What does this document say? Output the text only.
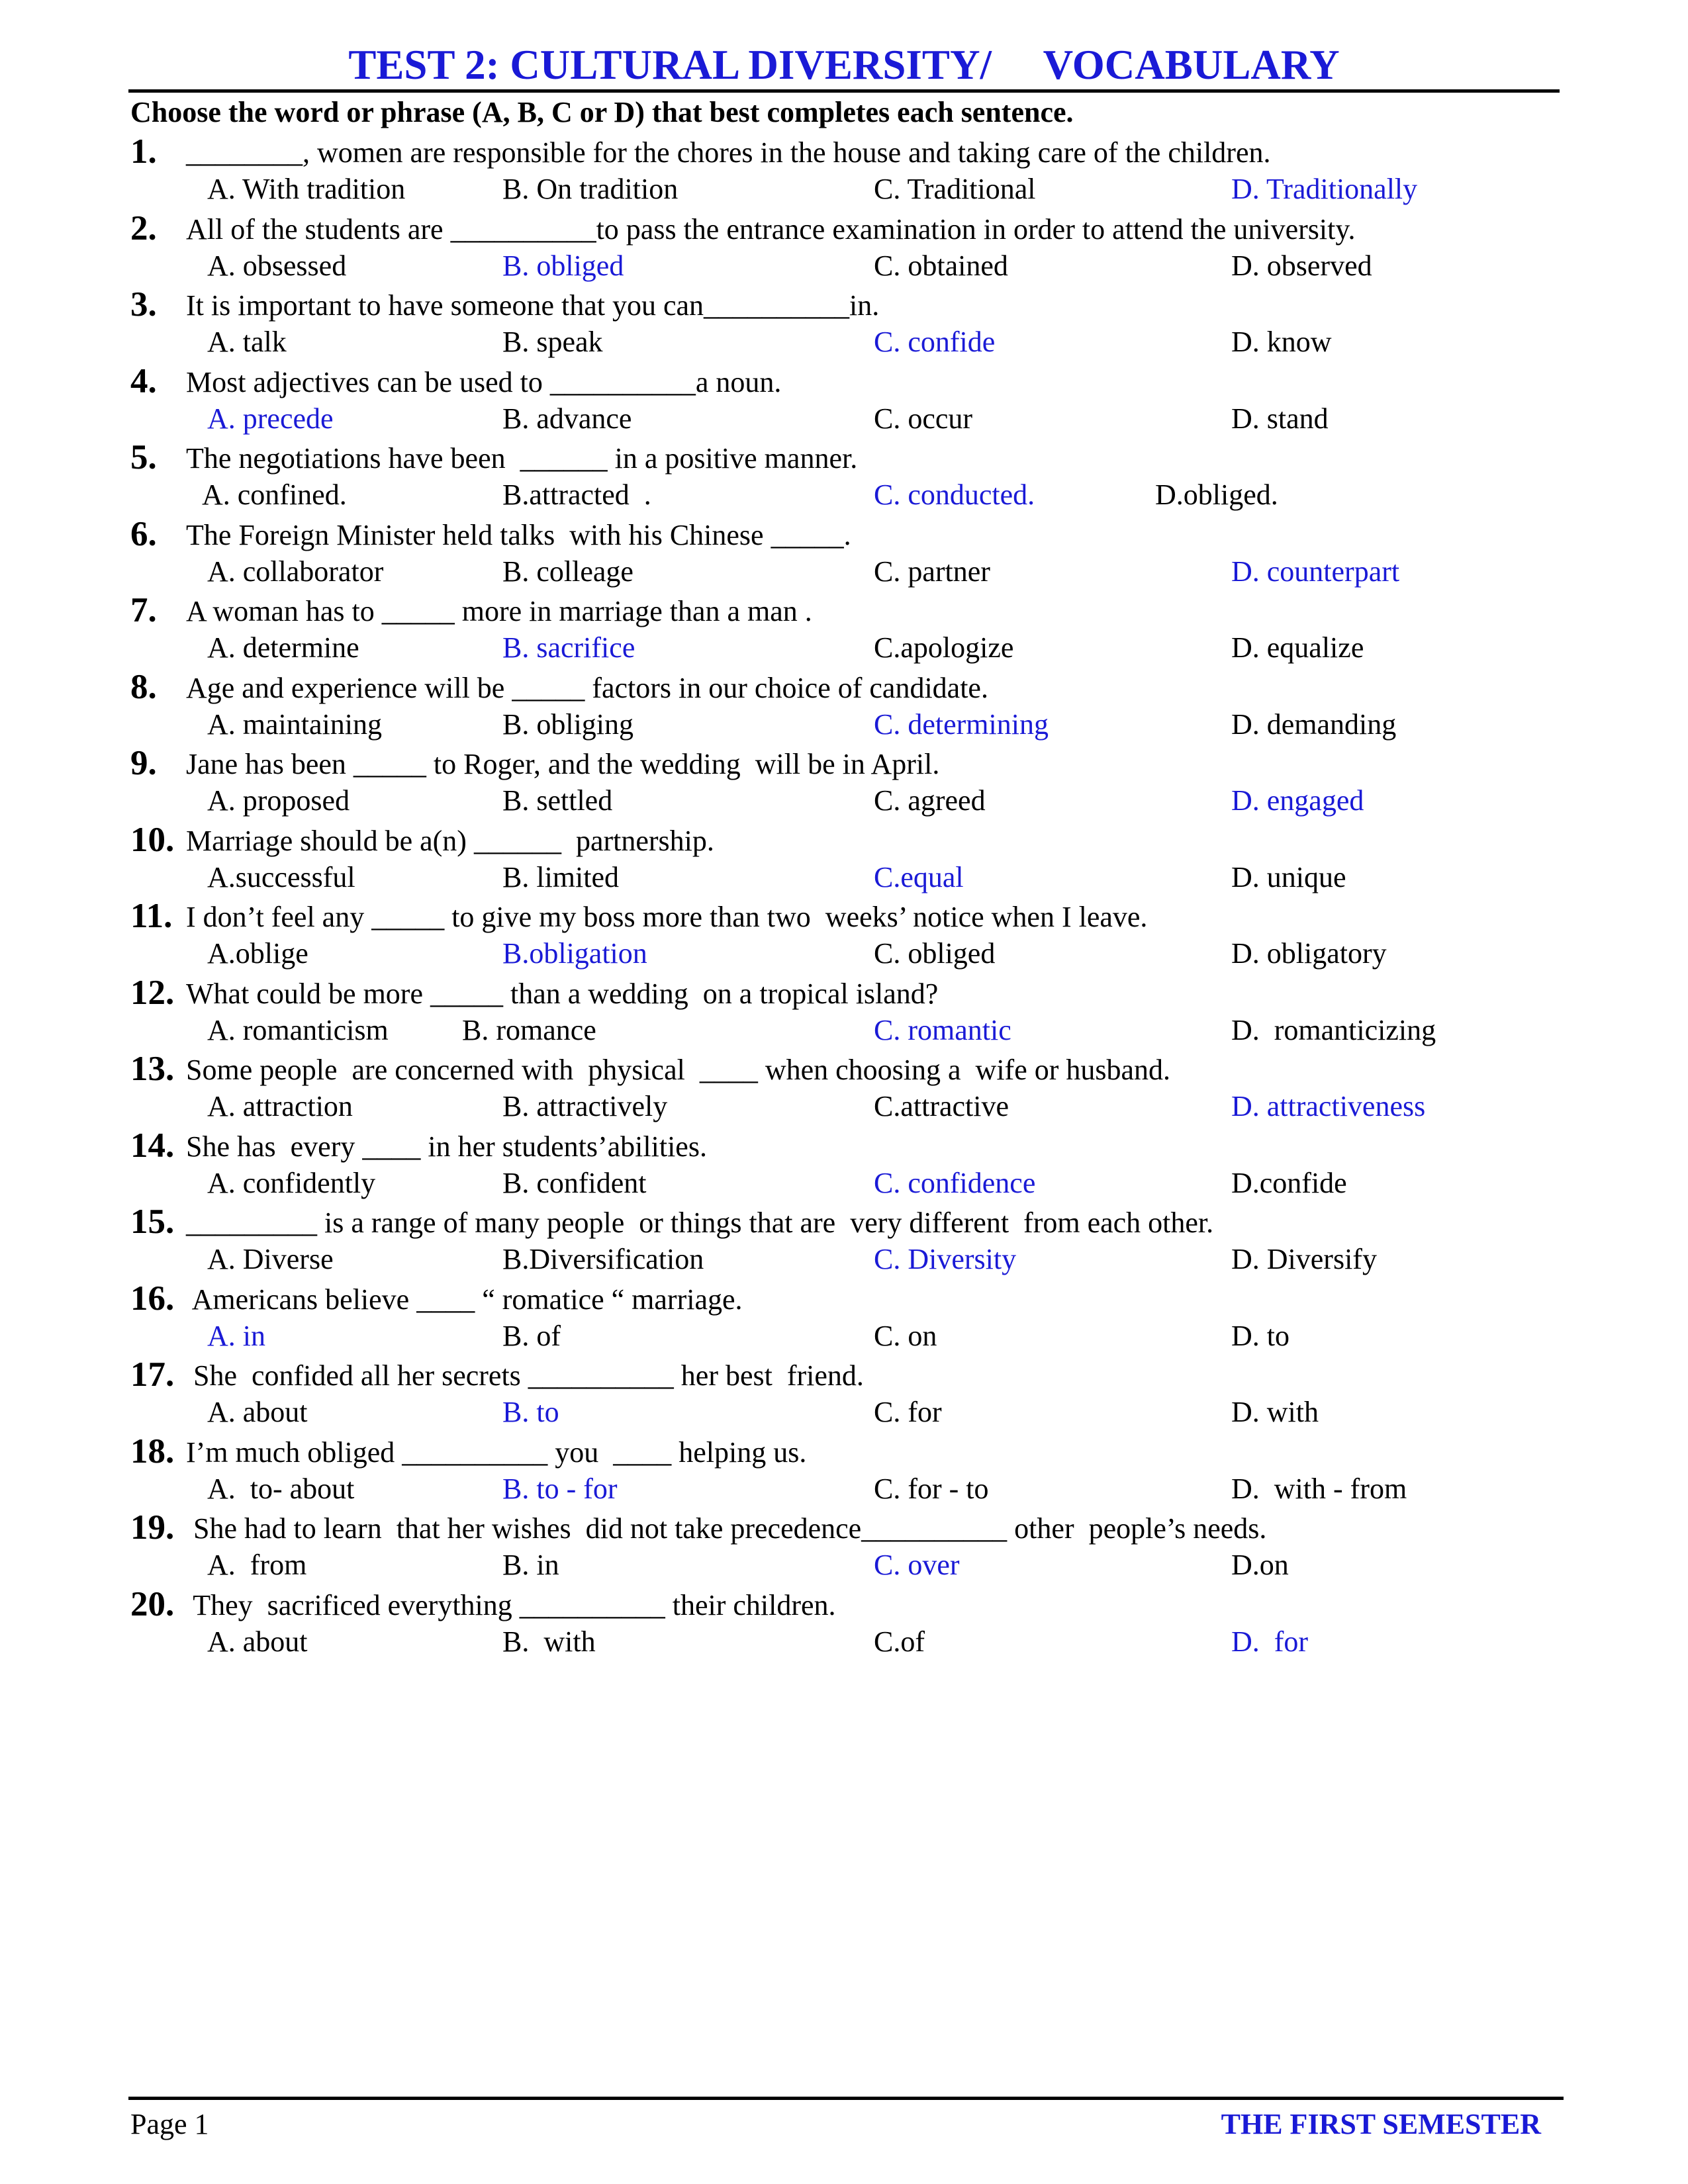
TEST 2: CULTURAL DIVERSITY/     VOCABULARY
Choose the word or phrase (A, B, C or D) that best completes each sentence.
1. ________, women are responsible for the chores in the house and taking care of the children.
A. With tradition	B. On tradition	C. Traditional	D. Traditionally
2. All of the students are __________to pass the entrance examination in order to attend the university.
A. obsessed	B. obliged	C. obtained	D. observed
3. It is important to have someone that you can__________in.
A. talk	B. speak	C. confide	D. know
4. Most adjectives can be used to __________a noun.
A. precede	B. advance	C. occur	D. stand
5. The negotiations have been  ______ in a positive manner.
A. confined.	B.attracted  .	C. conducted.	D.obliged.
6. The Foreign Minister held talks  with his Chinese _____.
A. collaborator	B. colleage	C. partner	D. counterpart
7. A woman has to _____ more in marriage than a man .
A. determine	B. sacrifice	C.apologize	D. equalize
8. Age and experience will be _____ factors in our choice of candidate.
A. maintaining	B. obliging	C. determining	D. demanding
9. Jane has been _____ to Roger, and the wedding  will be in April.
A. proposed	B. settled	C. agreed	D. engaged
10. Marriage should be a(n) ______  partnership.
A.successful	B. limited	C.equal	D. unique
11. I don’t feel any _____ to give my boss more than two  weeks’ notice when I leave.
A.oblige	B.obligation	C. obliged	D. obligatory
12. What could be more _____ than a wedding  on a tropical island?
A. romanticism	B. romance	C. romantic	D.  romanticizing
13. Some people  are concerned with  physical  ____ when choosing a  wife or husband.
A. attraction	B. attractively	C.attractive	D. attractiveness
14. She has  every ____ in her students’abilities.
A. confidently	B. confident	C. confidence	D.confide
15. _________ is a range of many people  or things that are  very different  from each other.
A. Diverse	B.Diversification	C. Diversity	D. Diversify
16. Americans believe ____ “ romatice “ marriage.
A. in	B. of	C. on	D. to
17. She  confided all her secrets __________ her best  friend.
A. about	B. to	C. for	D. with
18. I’m much obliged __________ you  ____ helping us.
A.  to- about	B. to - for	C. for - to	D.  with - from
19. She had to learn  that her wishes  did not take precedence__________ other  people’s needs.
A.  from	B. in	C. over	D.on
20. They  sacrificed everything __________ their children.
A. about	B.  with	C.of	D.  for
Page 1	THE FIRST SEMESTER
